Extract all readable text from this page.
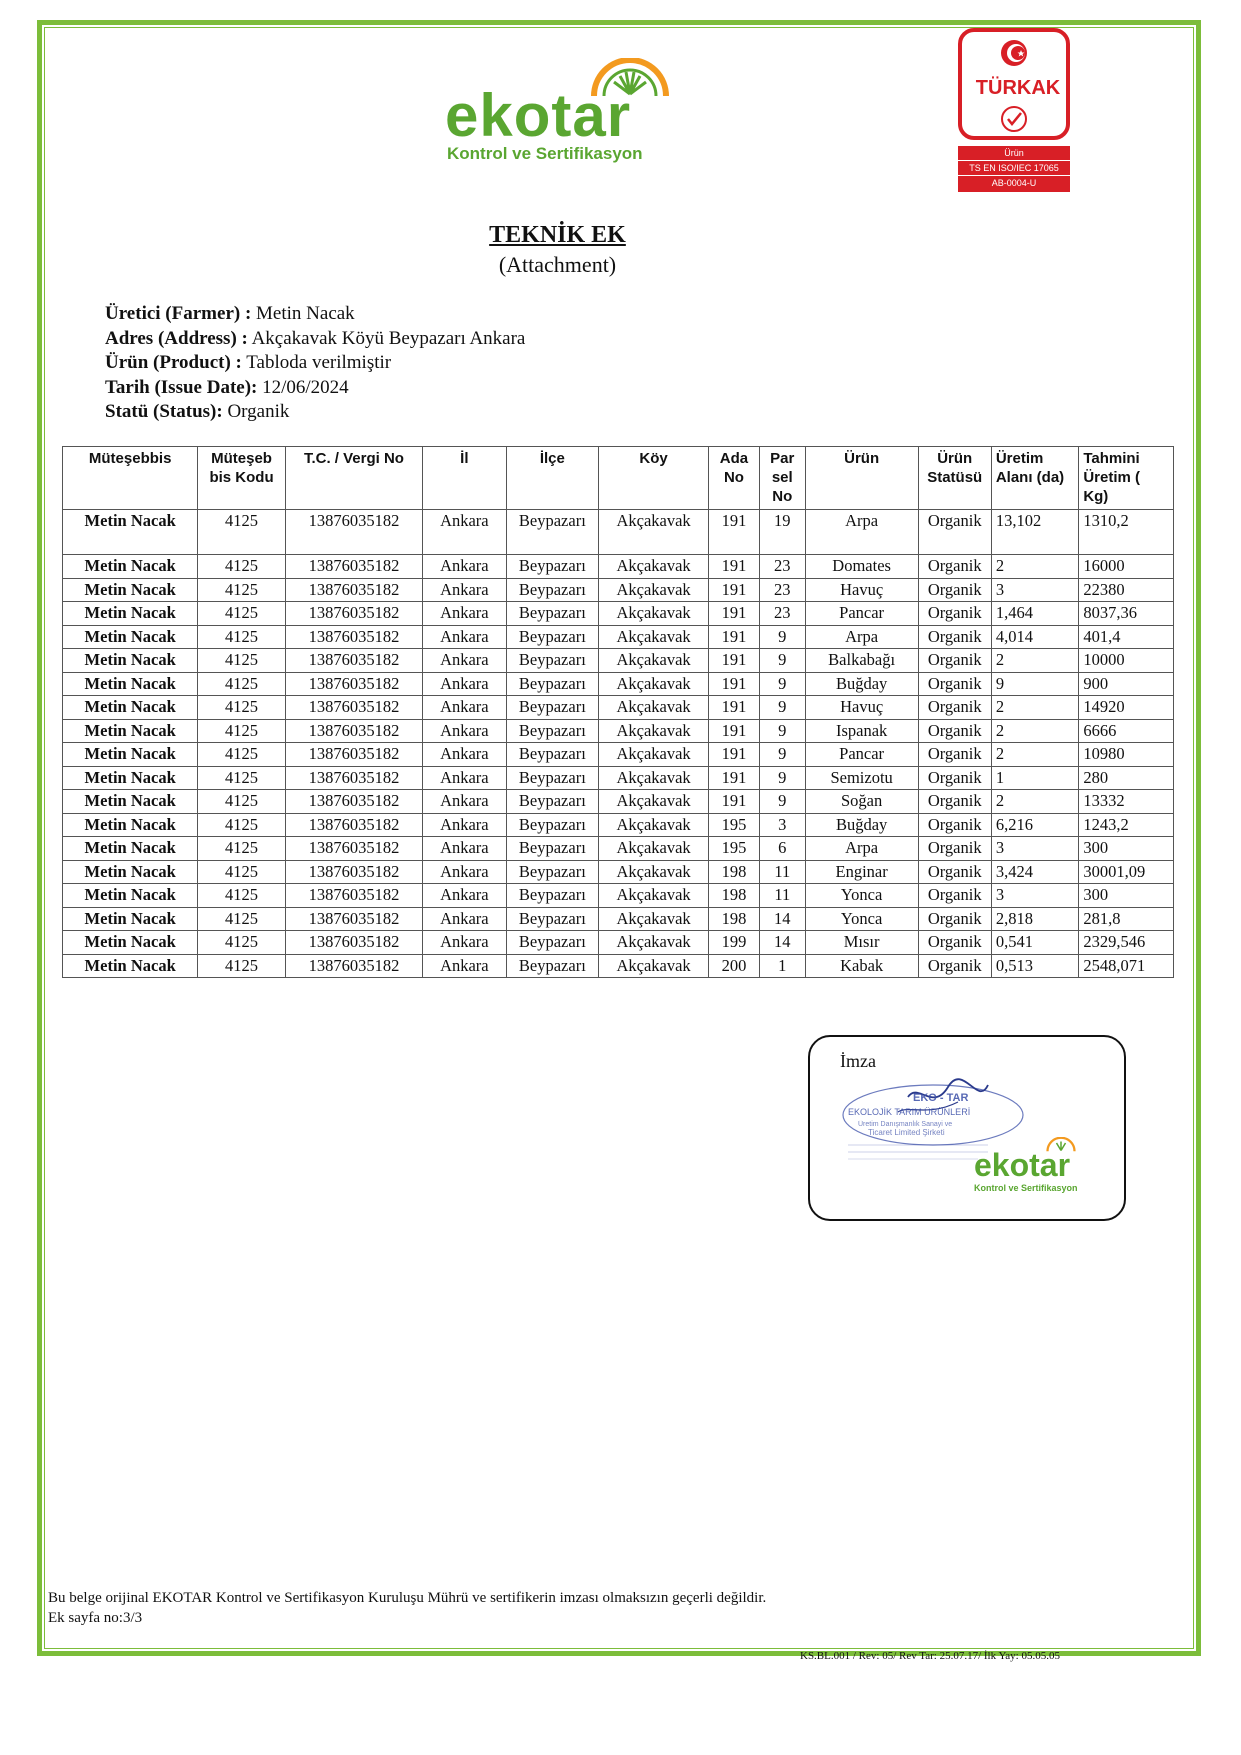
ekotar
Kontrol ve Sertifikasyon
TÜRKAK
Ürün
TS EN ISO/IEC 17065
AB-0004-U
TEKNİK EK
(Attachment)
Üretici (Farmer) : Metin Nacak
Adres (Address) : Akçakavak Köyü Beypazarı Ankara
Ürün (Product) : Tabloda verilmiştir
Tarih (Issue Date): 12/06/2024
Statü (Status): Organik
Müteşebbis	Müteşeb bis Kodu	T.C. / Vergi No	İl	İlçe	Köy	Ada No	Par sel No	Ürün	Ürün Statüsü	Üretim Alanı (da)	Tahmini Üretim ( Kg)
Metin Nacak	4125	13876035182	Ankara	Beypazarı	Akçakavak	191	19	Arpa	Organik	13,102	1310,2
Metin Nacak	4125	13876035182	Ankara	Beypazarı	Akçakavak	191	23	Domates	Organik	2	16000
Metin Nacak	4125	13876035182	Ankara	Beypazarı	Akçakavak	191	23	Havuç	Organik	3	22380
Metin Nacak	4125	13876035182	Ankara	Beypazarı	Akçakavak	191	23	Pancar	Organik	1,464	8037,36
Metin Nacak	4125	13876035182	Ankara	Beypazarı	Akçakavak	191	9	Arpa	Organik	4,014	401,4
Metin Nacak	4125	13876035182	Ankara	Beypazarı	Akçakavak	191	9	Balkabağı	Organik	2	10000
Metin Nacak	4125	13876035182	Ankara	Beypazarı	Akçakavak	191	9	Buğday	Organik	9	900
Metin Nacak	4125	13876035182	Ankara	Beypazarı	Akçakavak	191	9	Havuç	Organik	2	14920
Metin Nacak	4125	13876035182	Ankara	Beypazarı	Akçakavak	191	9	Ispanak	Organik	2	6666
Metin Nacak	4125	13876035182	Ankara	Beypazarı	Akçakavak	191	9	Pancar	Organik	2	10980
Metin Nacak	4125	13876035182	Ankara	Beypazarı	Akçakavak	191	9	Semizotu	Organik	1	280
Metin Nacak	4125	13876035182	Ankara	Beypazarı	Akçakavak	191	9	Soğan	Organik	2	13332
Metin Nacak	4125	13876035182	Ankara	Beypazarı	Akçakavak	195	3	Buğday	Organik	6,216	1243,2
Metin Nacak	4125	13876035182	Ankara	Beypazarı	Akçakavak	195	6	Arpa	Organik	3	300
Metin Nacak	4125	13876035182	Ankara	Beypazarı	Akçakavak	198	11	Enginar	Organik	3,424	30001,09
Metin Nacak	4125	13876035182	Ankara	Beypazarı	Akçakavak	198	11	Yonca	Organik	3	300
Metin Nacak	4125	13876035182	Ankara	Beypazarı	Akçakavak	198	14	Yonca	Organik	2,818	281,8
Metin Nacak	4125	13876035182	Ankara	Beypazarı	Akçakavak	199	14	Mısır	Organik	0,541	2329,546
Metin Nacak	4125	13876035182	Ankara	Beypazarı	Akçakavak	200	1	Kabak	Organik	0,513	2548,071
İmza
EKO - TAR
EKOLOJİK TARIM ÜRÜNLERİ
Üretim Danışmanlık Sanayi ve
Ticaret Limited Şirketi
ekotar
Kontrol ve Sertifikasyon
Bu belge orijinal EKOTAR Kontrol ve Sertifikasyon Kuruluşu Mührü ve sertifikerin imzası olmaksızın geçerli değildir.
Ek sayfa no:3/3
KS.BL.001 / Rev: 05/ Rev Tar: 25.07.17/ İlk Yay: 05.05.05
